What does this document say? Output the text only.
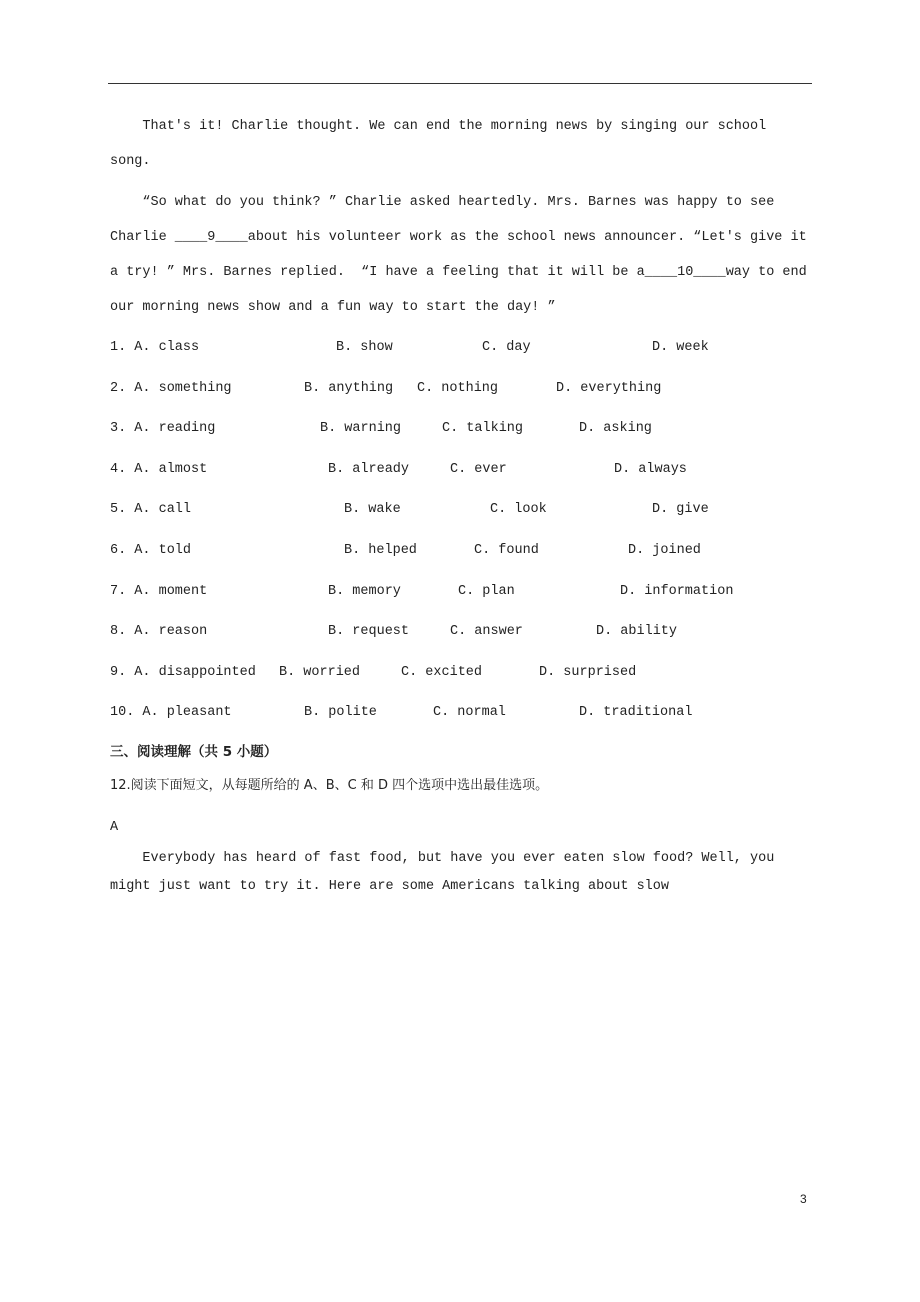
That's it! Charlie thought. We can end the morning news by singing our school
song.
“So what do you think? ” Charlie asked heartedly. Mrs. Barnes was happy to see
Charlie ____9____about his volunteer work as the school news announcer. “Let's give it
a try! ” Mrs. Barnes replied.  “I have a feeling that it will be a____10____way to end
our morning news show and a fun way to start the day! ”
1. A. class	B. show	C. day	D. week
2. A. something	B. anything C. nothing	D. everything
3. A. reading	B. warning	C. talking	D. asking
4. A. almost	B. already	C. ever	D. always
5. A. call	B. wake	C. look	D. give
6. A. told	B. helped	C. found	D. joined
7. A. moment	B. memory	C. plan	D. information
8. A. reason	B. request	C. answer	D. ability
9. A. disappointed B. worried	C. excited	D. surprised
10. A. pleasant	B. polite	C. normal	D. traditional
三、阅读理解（共 5 小题）
12.阅读下面短文，从每题所给的 A、B、C 和 D 四个选项中选出最佳选项。
A
Everybody has heard of fast food, but have you ever eaten slow food? Well, you
might just want to try it. Here are some Americans talking about slow
3
